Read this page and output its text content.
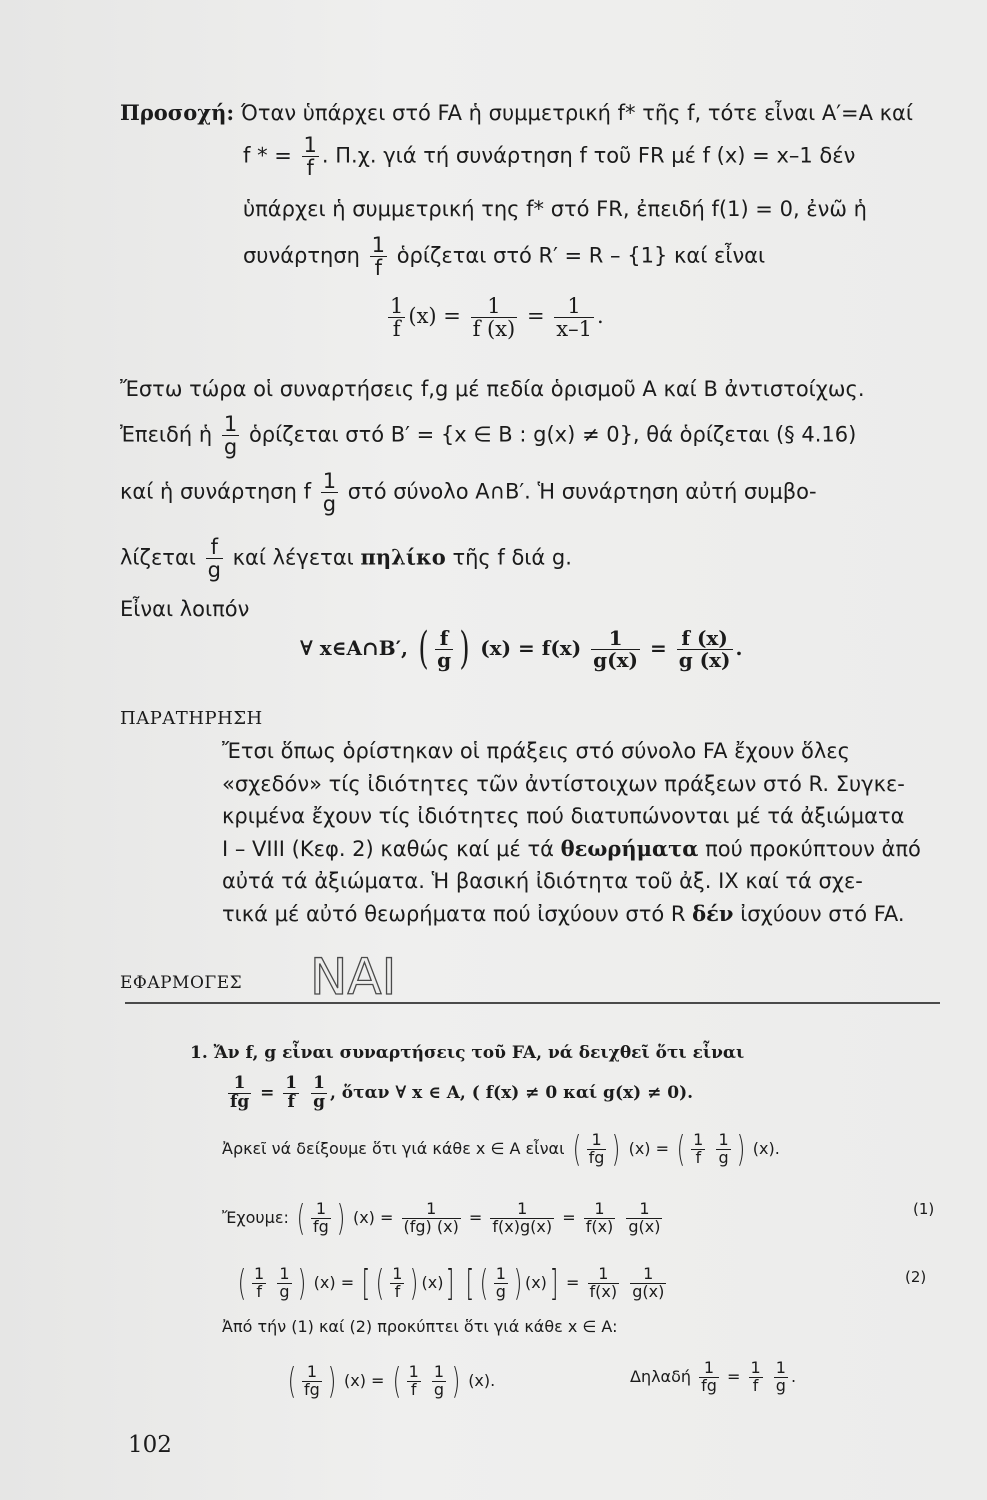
​
Προσοχή: Όταν ὑπάρχει στό FA ἡ συμμετρική f* τῆς f, τότε εἶναι A′=A καί
f * = $\frac{1}{f}$ . Π.χ. γιά τή συνάρτηση f τοῦ FR μέ f (x) = x–1 δέν
ὑπάρχει ἡ συμμετρική της f* στό FR, ἐπειδή f(1) = 0, ἐνῶ ἡ
συνάρτηση $\frac{1}{f}$ ὁρίζεται στό R′ = R – {1} καί εἶναι
$\frac{1}{f} (x) = \frac{1}{f (x)} = \frac{1}{x-1}$ .
Ἔστω τώρα οἱ συναρτήσεις f,g μέ πεδία ὁρισμοῦ A καί B ἀντιστοίχως.
Ἐπειδή ἡ $\frac{1}{g}$ ὁρίζεται στό B′ = {x ∈ B : g(x) ≠ 0}, θά ὁρίζεται (§ 4.16)
καί ἡ συνάρτηση f $\frac{1}{g}$ στό σύνολο A∩B′. Ἡ συνάρτηση αὐτή συμβο-
λίζεται $\frac{f}{g}$ καί λέγεται πηλίκο τῆς f διά g.
Εἶναι λοιπόν
∀ x∈A∩B′, ( $\frac{f}{g}$ ) $(x) = f(x) \frac{1}{g(x)} = \frac{f (x)}{g (x)}$ .
ΠΑΡΑΤΗΡΗΣΗ
Ἔτσι ὅπως ὁρίστηκαν οἱ πράξεις στό σύνολο FA ἔχουν ὅλες
«σχεδόν» τίς ἰδιότητες τῶν ἀντίστοιχων πράξεων στό R. Συγκε-
κριμένα ἔχουν τίς ἰδιότητες πού διατυπώνονται μέ τά ἀξιώματα
I – VIII (Κεφ. 2) καθώς καί μέ τά θεωρήματα πού προκύπτουν ἀπό
αὐτά τά ἀξιώματα. Ἡ βασική ἰδιότητα τοῦ ἀξ. IX καί τά σχε-
τικά μέ αὐτό θεωρήματα πού ἰσχύουν στό R δέν ἰσχύουν στό FA.
ΕΦΑΡΜΟΓΕΣ NAI
1. Ἄν f, g εἶναι συναρτήσεις τοῦ FA, νά δειχθεῖ ὅτι εἶναι
$\frac{1}{fg} = \frac{1}{f}$
$\frac{1}{g}$ , ὅταν ∀ x ∈ A, ( f(x) ≠ 0 καί g(x) ≠ 0).
Ἀρκεῖ νά δείξουμε ὅτι γιά κάθε x ∈ A εἶναι ( $\frac{1}{fg}$ ) (x) = ( $\frac{1}{f}$
$\frac{1}{g}$ ) (x).
Ἔχουμε: ( $\frac{1}{fg}$ ) $(x) = \frac{1}{(fg) (x)} = \frac{1}{f(x)g(x)} = \frac{1}{f(x)}$
$\frac{1}{g(x)}$	(1)
( $\frac{1}{f}$
$\frac{1}{g}$ ) (x) = [ ( $\frac{1}{f}$ ) (x)] [ ( $\frac{1}{g}$ ) $(x)] = \frac{1}{f(x)}$
$\frac{1}{g(x)}$	(2)
Ἀπό τήν (1) καί (2) προκύπτει ὅτι γιά κάθε x ∈ A:
( $\frac{1}{fg}$ ) (x) = ( $\frac{1}{f}$
$\frac{1}{g}$ ) (x).	Δηλαδή $\frac{1}{fg} = \frac{1}{f}$
$\frac{1}{g}$ .
102
